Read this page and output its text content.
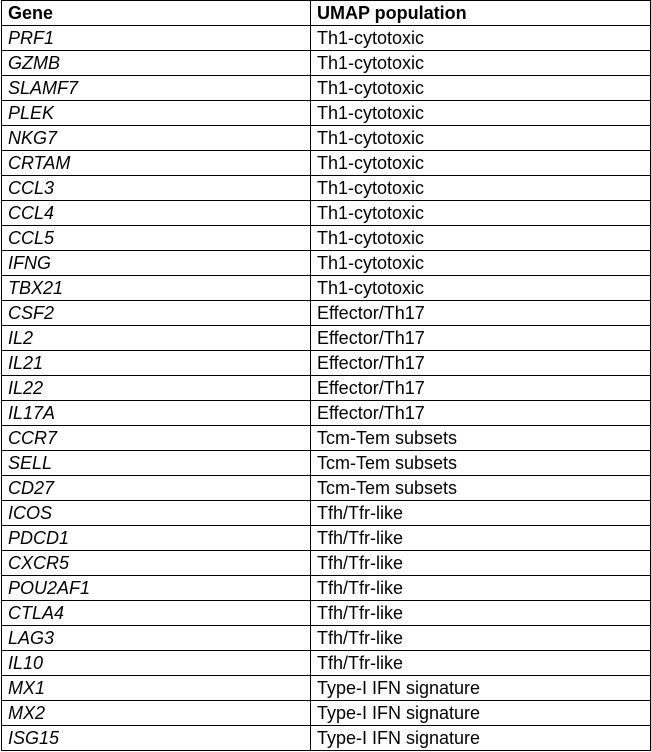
Gene	UMAP population
PRF1	Th1-cytotoxic
GZMB	Th1-cytotoxic
SLAMF7	Th1-cytotoxic
PLEK	Th1-cytotoxic
NKG7	Th1-cytotoxic
CRTAM	Th1-cytotoxic
CCL3	Th1-cytotoxic
CCL4	Th1-cytotoxic
CCL5	Th1-cytotoxic
IFNG	Th1-cytotoxic
TBX21	Th1-cytotoxic
CSF2	Effector/Th17
IL2	Effector/Th17
IL21	Effector/Th17
IL22	Effector/Th17
IL17A	Effector/Th17
CCR7	Tcm-Tem subsets
SELL	Tcm-Tem subsets
CD27	Tcm-Tem subsets
ICOS	Tfh/Tfr-like
PDCD1	Tfh/Tfr-like
CXCR5	Tfh/Tfr-like
POU2AF1	Tfh/Tfr-like
CTLA4	Tfh/Tfr-like
LAG3	Tfh/Tfr-like
IL10	Tfh/Tfr-like
MX1	Type-I IFN signature
MX2	Type-I IFN signature
ISG15	Type-I IFN signature
